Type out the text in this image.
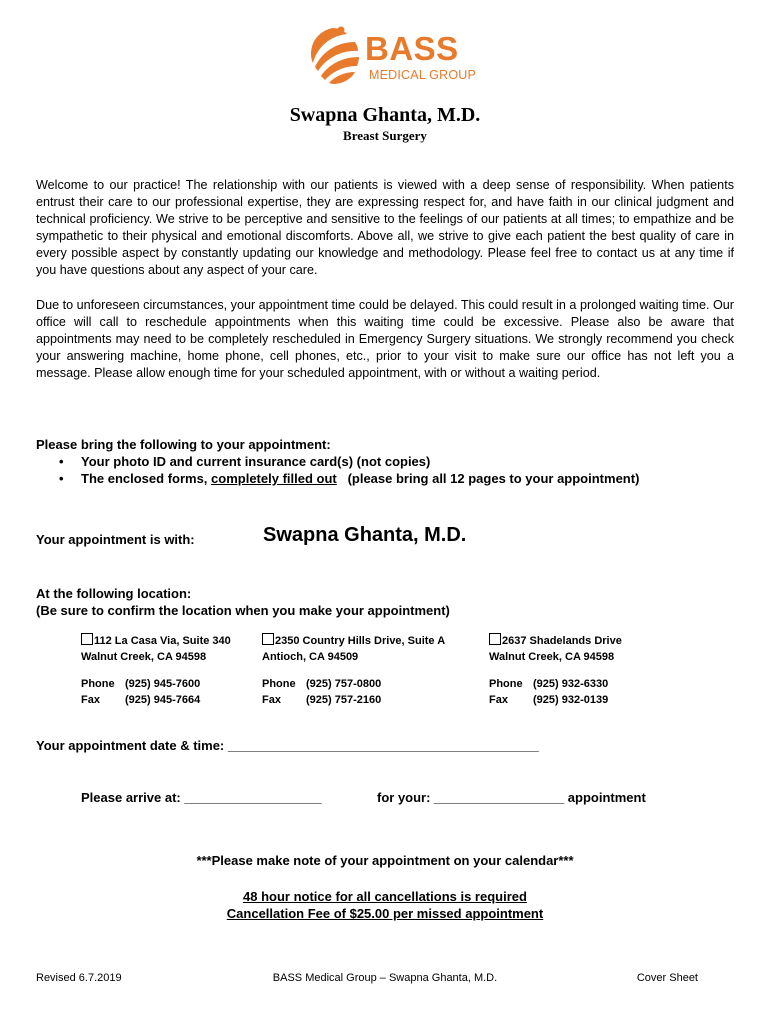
BASS
MEDICAL GROUP
Swapna Ghanta, M.D.
Breast Surgery
Welcome to our practice! The relationship with our patients is viewed with a deep sense of responsibility. When patients entrust their care to our professional expertise, they are expressing respect for, and have faith in our clinical judgment and technical proficiency. We strive to be perceptive and sensitive to the feelings of our patients at all times; to empathize and be sympathetic to their physical and emotional discomforts. Above all, we strive to give each patient the best quality of care in every possible aspect by constantly updating our knowledge and methodology. Please feel free to contact us at any time if you have questions about any aspect of your care.
Due to unforeseen circumstances, your appointment time could be delayed. This could result in a prolonged waiting time. Our office will call to reschedule appointments when this waiting time could be excessive. Please also be aware that appointments may need to be completely rescheduled in Emergency Surgery situations. We strongly recommend you check your answering machine, home phone, cell phones, etc., prior to your visit to make sure our office has not left you a message. Please allow enough time for your scheduled appointment, with or without a waiting period.
Please bring the following to your appointment:
• Your photo ID and current insurance card(s) (not copies)
• The enclosed forms, completely filled out   (please bring all 12 pages to your appointment)
Your appointment is with:	Swapna Ghanta, M.D.
At the following location:
(Be sure to confirm the location when you make your appointment)
112 La Casa Via, Suite 340
Walnut Creek, CA 94598
Phone (925) 945-7600
Fax (925) 945-7664
2350 Country Hills Drive, Suite A
Antioch, CA 94509
Phone (925) 757-0800
Fax (925) 757-2160
2637 Shadelands Drive
Walnut Creek, CA 94598
Phone (925) 932-6330
Fax (925) 932-0139
Your appointment date & time: ___________________________________________
Please arrive at: ___________________	for your: __________________ appointment
***Please make note of your appointment on your calendar***
48 hour notice for all cancellations is required
Cancellation Fee of $25.00 per missed appointment
Revised 6.7.2019	BASS Medical Group – Swapna Ghanta, M.D.	Cover Sheet
